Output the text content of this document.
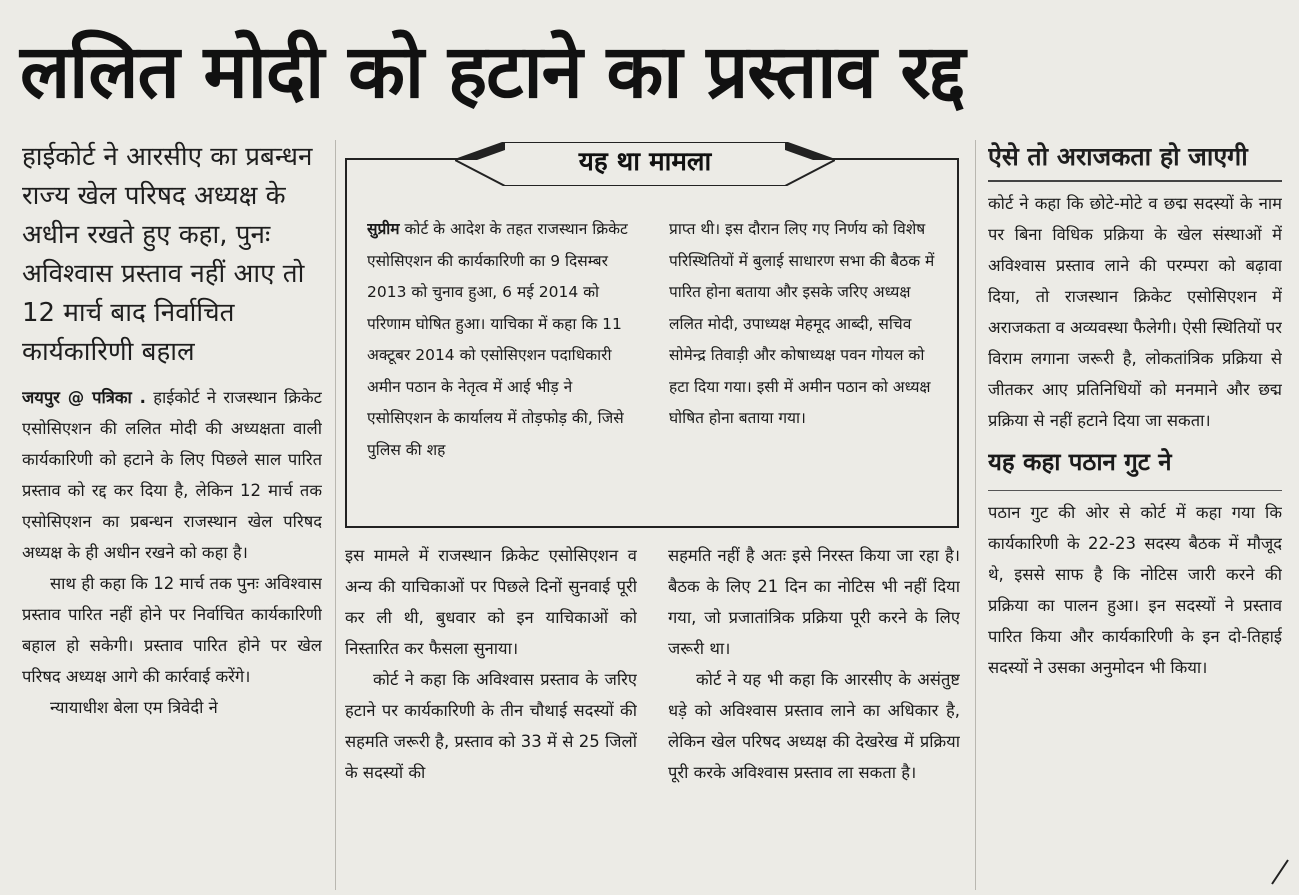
ललित मोदी को हटाने का प्रस्ताव रद्द

हाईकोर्ट ने आरसीए का प्रबन्धन राज्य खेल परिषद अध्यक्ष के अधीन रखते हुए कहा, पुनः अविश्वास प्रस्ताव नहीं आए तो 12 मार्च बाद निर्वाचित कार्यकारिणी बहाल

जयपुर @ पत्रिका . हाईकोर्ट ने राजस्थान क्रिकेट एसोसिएशन की ललित मोदी की अध्यक्षता वाली कार्यकारिणी को हटाने के लिए पिछले साल पारित प्रस्ताव को रद्द कर दिया है, लेकिन 12 मार्च तक एसोसिएशन का प्रबन्धन राजस्थान खेल परिषद अध्यक्ष के ही अधीन रखने को कहा है।

साथ ही कहा कि 12 मार्च तक पुनः अविश्वास प्रस्ताव पारित नहीं होने पर निर्वाचित कार्यकारिणी बहाल हो सकेगी। प्रस्ताव पारित होने पर खेल परिषद अध्यक्ष आगे की कार्रवाई करेंगे।

न्यायाधीश बेला एम त्रिवेदी ने

यह था मामला

सुप्रीम कोर्ट के आदेश के तहत राजस्थान क्रिकेट एसोसिएशन की कार्यकारिणी का 9 दिसम्बर 2013 को चुनाव हुआ, 6 मई 2014 को परिणाम घोषित हुआ। याचिका में कहा कि 11 अक्टूबर 2014 को एसोसिएशन पदाधिकारी अमीन पठान के नेतृत्व में आई भीड़ ने एसोसिएशन के कार्यालय में तोड़फोड़ की, जिसे पुलिस की शह

प्राप्त थी। इस दौरान लिए गए निर्णय को विशेष परिस्थितियों में बुलाई साधारण सभा की बैठक में पारित होना बताया और इसके जरिए अध्यक्ष ललित मोदी, उपाध्यक्ष मेहमूद आब्दी, सचिव सोमेन्द्र तिवाड़ी और कोषाध्यक्ष पवन गोयल को हटा दिया गया। इसी में अमीन पठान को अध्यक्ष घोषित होना बताया गया।

इस मामले में राजस्थान क्रिकेट एसोसिएशन व अन्य की याचिकाओं पर पिछले दिनों सुनवाई पूरी कर ली थी, बुधवार को इन याचिकाओं को निस्तारित कर फैसला सुनाया।

कोर्ट ने कहा कि अविश्वास प्रस्ताव के जरिए हटाने पर कार्यकारिणी के तीन चौथाई सदस्यों की सहमति जरूरी है, प्रस्ताव को 33 में से 25 जिलों के सदस्यों की

सहमति नहीं है अतः इसे निरस्त किया जा रहा है। बैठक के लिए 21 दिन का नोटिस भी नहीं दिया गया, जो प्रजातांत्रिक प्रक्रिया पूरी करने के लिए जरूरी था।

कोर्ट ने यह भी कहा कि आरसीए के असंतुष्ट धड़े को अविश्वास प्रस्ताव लाने का अधिकार है, लेकिन खेल परिषद अध्यक्ष की देखरेख में प्रक्रिया पूरी करके अविश्वास प्रस्ताव ला सकता है।

ऐसे तो अराजकता हो जाएगी

कोर्ट ने कहा कि छोटे-मोटे व छद्म सदस्यों के नाम पर बिना विधिक प्रक्रिया के खेल संस्थाओं में अविश्वास प्रस्ताव लाने की परम्परा को बढ़ावा दिया, तो राजस्थान क्रिकेट एसोसिएशन में अराजकता व अव्यवस्था फैलेगी। ऐसी स्थितियों पर विराम लगाना जरूरी है, लोकतांत्रिक प्रक्रिया से जीतकर आए प्रतिनिधियों को मनमाने और छद्म प्रक्रिया से नहीं हटाने दिया जा सकता।

यह कहा पठान गुट ने

पठान गुट की ओर से कोर्ट में कहा गया कि कार्यकारिणी के 22-23 सदस्य बैठक में मौजूद थे, इससे साफ है कि नोटिस जारी करने की प्रक्रिया का पालन हुआ। इन सदस्यों ने प्रस्ताव पारित किया और कार्यकारिणी के इन दो-तिहाई सदस्यों ने उसका अनुमोदन भी किया।
